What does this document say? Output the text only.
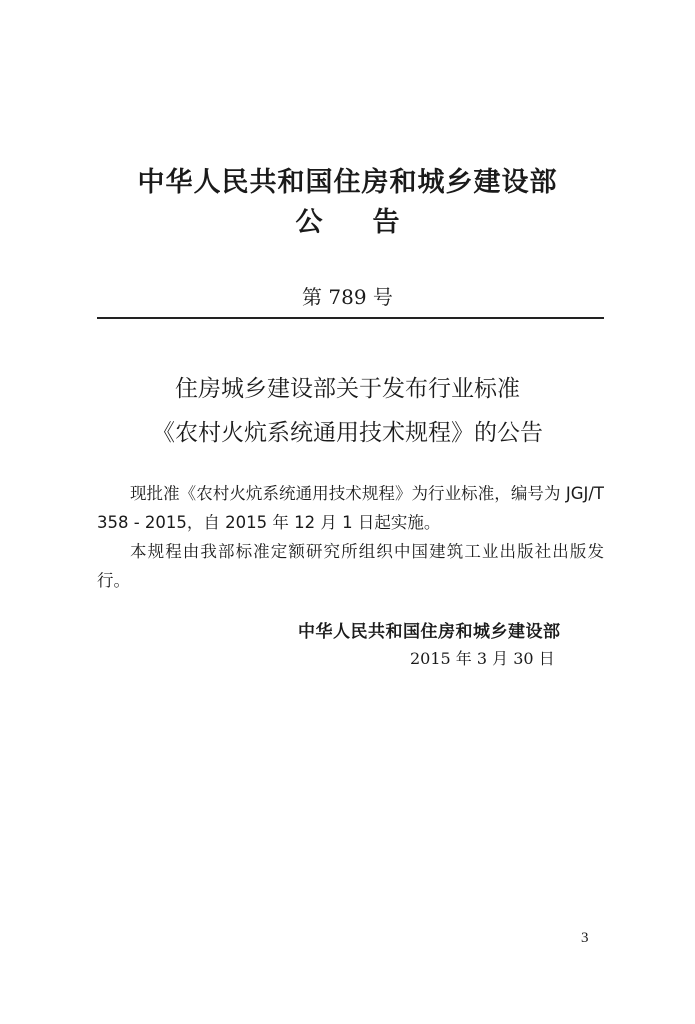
中华人民共和国住房和城乡建设部
公告
第 789 号
住房城乡建设部关于发布行业标准
《农村火炕系统通用技术规程》的公告

现批准《农村火炕系统通用技术规程》为行业标准，编号为 JGJ/T 358 - 2015，自 2015 年 12 月 1 日起实施。

本规程由我部标准定额研究所组织中国建筑工业出版社出版发行。

中华人民共和国住房和城乡建设部
2015 年 3 月 30 日
3
